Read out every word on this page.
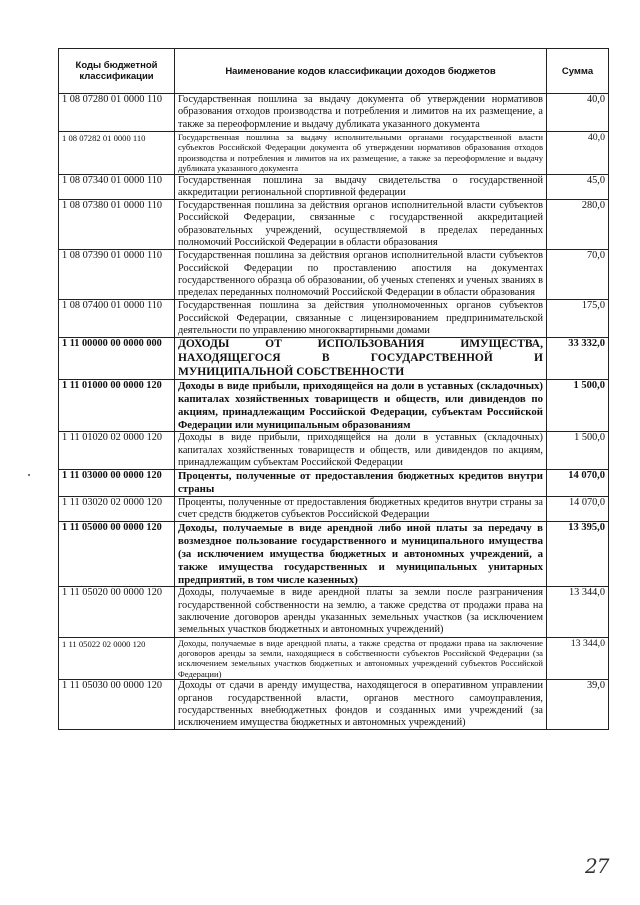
Коды бюджетной классификации	Наименование кодов классификации доходов бюджетов	Сумма
1 08 07280 01 0000 110	Государственная пошлина за выдачу документа об утверждении нормативов образования отходов производства и потребления и лимитов на их размещение, а также за переоформление и выдачу дубликата указанного документа	40,0
1 08 07282 01 0000 110	Государственная пошлина за выдачу исполнительными органами государственной власти субъектов Российской Федерации документа об утверждении нормативов образования отходов производства и потребления и лимитов на их размещение, а также за переоформление и выдачу дубликата указанного документа	40,0
1 08 07340 01 0000 110	Государственная пошлина за выдачу свидетельства о государственной аккредитации региональной спортивной федерации	45,0
1 08 07380 01 0000 110	Государственная пошлина за действия органов исполнительной власти субъектов Российской Федерации, связанные с государственной аккредитацией образовательных учреждений, осуществляемой в пределах переданных полномочий Российской Федерации в области образования	280,0
1 08 07390 01 0000 110	Государственная пошлина за действия органов исполнительной власти субъектов Российской Федерации по проставлению апостиля на документах государственного образца об образовании, об ученых степенях и ученых званиях в пределах переданных полномочий Российской Федерации в области образования	70,0
1 08 07400 01 0000 110	Государственная пошлина за действия уполномоченных органов субъектов Российской Федерации, связанные с лицензированием предпринимательской деятельности по управлению многоквартирными домами	175,0
1 11 00000 00 0000 000	ДОХОДЫ ОТ ИСПОЛЬЗОВАНИЯ ИМУЩЕСТВА, НАХОДЯЩЕГОСЯ В ГОСУДАРСТВЕННОЙ И МУНИЦИПАЛЬНОЙ СОБСТВЕННОСТИ	33 332,0
1 11 01000 00 0000 120	Доходы в виде прибыли, приходящейся на доли в уставных (складочных) капиталах хозяйственных товариществ и обществ, или дивидендов по акциям, принадлежащим Российской Федерации, субъектам Российской Федерации или муниципальным образованиям	1 500,0
1 11 01020 02 0000 120	Доходы в виде прибыли, приходящейся на доли в уставных (складочных) капиталах хозяйственных товариществ и обществ, или дивидендов по акциям, принадлежащим субъектам Российской Федерации	1 500,0
1 11 03000 00 0000 120	Проценты, полученные от предоставления бюджетных кредитов внутри страны	14 070,0
1 11 03020 02 0000 120	Проценты, полученные от предоставления бюджетных кредитов внутри страны за счет средств бюджетов субъектов Российской Федерации	14 070,0
1 11 05000 00 0000 120	Доходы, получаемые в виде арендной либо иной платы за передачу в возмездное пользование государственного и муниципального имущества (за исключением имущества бюджетных и автономных учреждений, а также имущества государственных и муниципальных унитарных предприятий, в том числе казенных)	13 395,0
1 11 05020 00 0000 120	Доходы, получаемые в виде арендной платы за земли после разграничения государственной собственности на землю, а также средства от продажи права на заключение договоров аренды указанных земельных участков (за исключением земельных участков бюджетных и автономных учреждений)	13 344,0
1 11 05022 02 0000 120	Доходы, получаемые в виде арендной платы, а также средства от продажи права на заключение договоров аренды за земли, находящиеся в собственности субъектов Российской Федерации (за исключением земельных участков бюджетных и автономных учреждений субъектов Российской Федерации)	13 344,0
1 11 05030 00 0000 120	Доходы от сдачи в аренду имущества, находящегося в оперативном управлении органов государственной власти, органов местного самоуправления, государственных внебюджетных фондов и созданных ими учреждений (за исключением имущества бюджетных и автономных учреждений)	39,0
27
